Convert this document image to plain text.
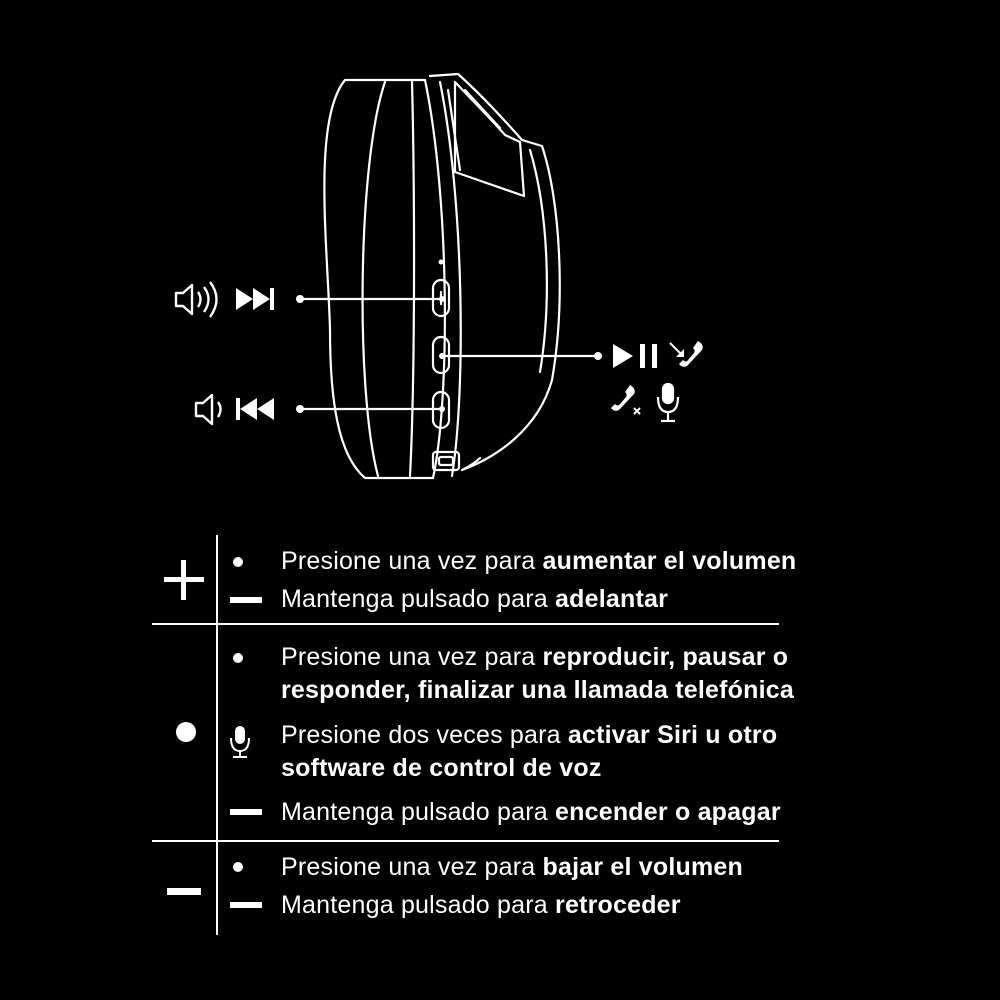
Presione una vez para aumentar el volumen
Mantenga pulsado para adelantar
Presione una vez para reproducir, pausar o
responder, finalizar una llamada telefónica
Presione dos veces para activar Siri u otro
software de control de voz
Mantenga pulsado para encender o apagar
Presione una vez para bajar el volumen
Mantenga pulsado para retroceder
